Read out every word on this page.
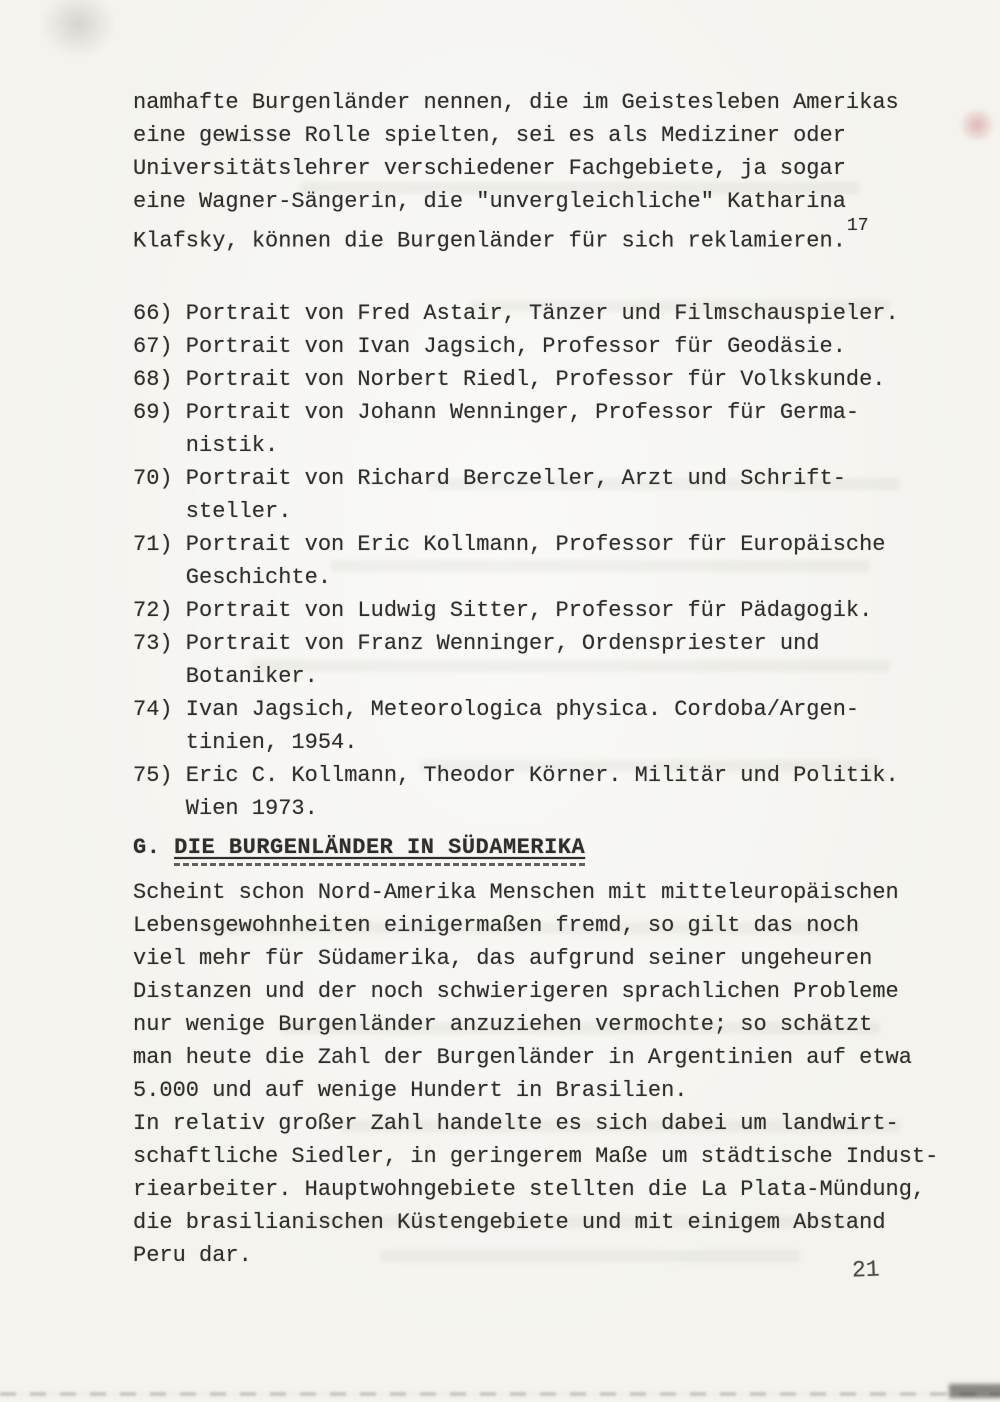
namhafte Burgenländer nennen, die im Geistesleben Amerikas
eine gewisse Rolle spielten, sei es als Mediziner oder
Universitätslehrer verschiedener Fachgebiete, ja sogar
eine Wagner-Sängerin, die "unvergleichliche" Katharina
Klafsky, können die Burgenländer für sich reklamieren.$^{17}$
66) Portrait von Fred Astair, Tänzer und Filmschauspieler.
67) Portrait von Ivan Jagsich, Professor für Geodäsie.
68) Portrait von Norbert Riedl, Professor für Volkskunde.
69) Portrait von Johann Wenninger, Professor für Germa-
nistik.
70) Portrait von Richard Berczeller, Arzt und Schrift-
steller.
71) Portrait von Eric Kollmann, Professor für Europäische
Geschichte.
72) Portrait von Ludwig Sitter, Professor für Pädagogik.
73) Portrait von Franz Wenninger, Ordenspriester und
Botaniker.
74) Ivan Jagsich, Meteorologica physica. Cordoba/Argen-
tinien, 1954.
75) Eric C. Kollmann, Theodor Körner. Militär und Politik.
Wien 1973.
G. DIE BURGENLÄNDER IN SÜDAMERIKA
Scheint schon Nord-Amerika Menschen mit mitteleuropäischen
Lebensgewohnheiten einigermaßen fremd, so gilt das noch
viel mehr für Südamerika, das aufgrund seiner ungeheuren
Distanzen und der noch schwierigeren sprachlichen Probleme
nur wenige Burgenländer anzuziehen vermochte; so schätzt
man heute die Zahl der Burgenländer in Argentinien auf etwa
5.000 und auf wenige Hundert in Brasilien.
In relativ großer Zahl handelte es sich dabei um landwirt-
schaftliche Siedler, in geringerem Maße um städtische Indust-
riearbeiter. Hauptwohngebiete stellten die La Plata-Mündung,
die brasilianischen Küstengebiete und mit einigem Abstand
Peru dar.
21
